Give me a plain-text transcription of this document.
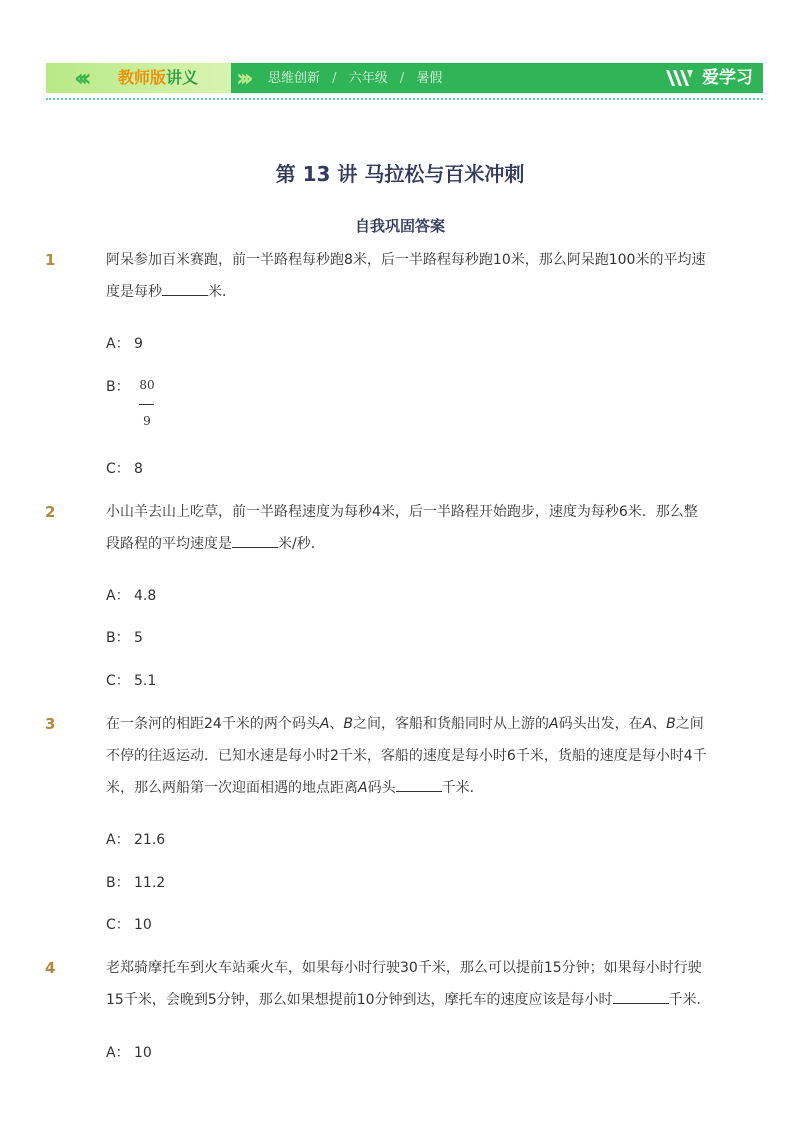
‹‹‹ 教师版讲义 ››› 思维创新 / 六年级 / 暑假	爱学习
第 13 讲 马拉松与百米冲刺
自我巩固答案
1	阿呆参加百米赛跑，前一半路程每秒跑8米，后一半路程每秒跑10米，那么阿呆跑100米的平均速
度是每秒	米．
A： 9
B： 80
9
C： 8
2	小山羊去山上吃草，前一半路程速度为每秒4米，后一半路程开始跑步，速度为每秒6米．那么整
段路程的平均速度是	米/秒．
A： 4.8
B： 5
C： 5.1
3	在一条河的相距24千米的两个码头A、B之间，客船和货船同时从上游的A码头出发，在A、B之间
不停的往返运动．已知水速是每小时2千米，客船的速度是每小时6千米，货船的速度是每小时4千
米，那么两船第一次迎面相遇的地点距离A码头	千米．
A： 21.6
B： 11.2
C： 10
4	老郑骑摩托车到火车站乘火车，如果每小时行驶30千米，那么可以提前15分钟；如果每小时行驶
15千米，会晚到5分钟，那么如果想提前10分钟到达，摩托车的速度应该是每小时	千米．
A： 10
